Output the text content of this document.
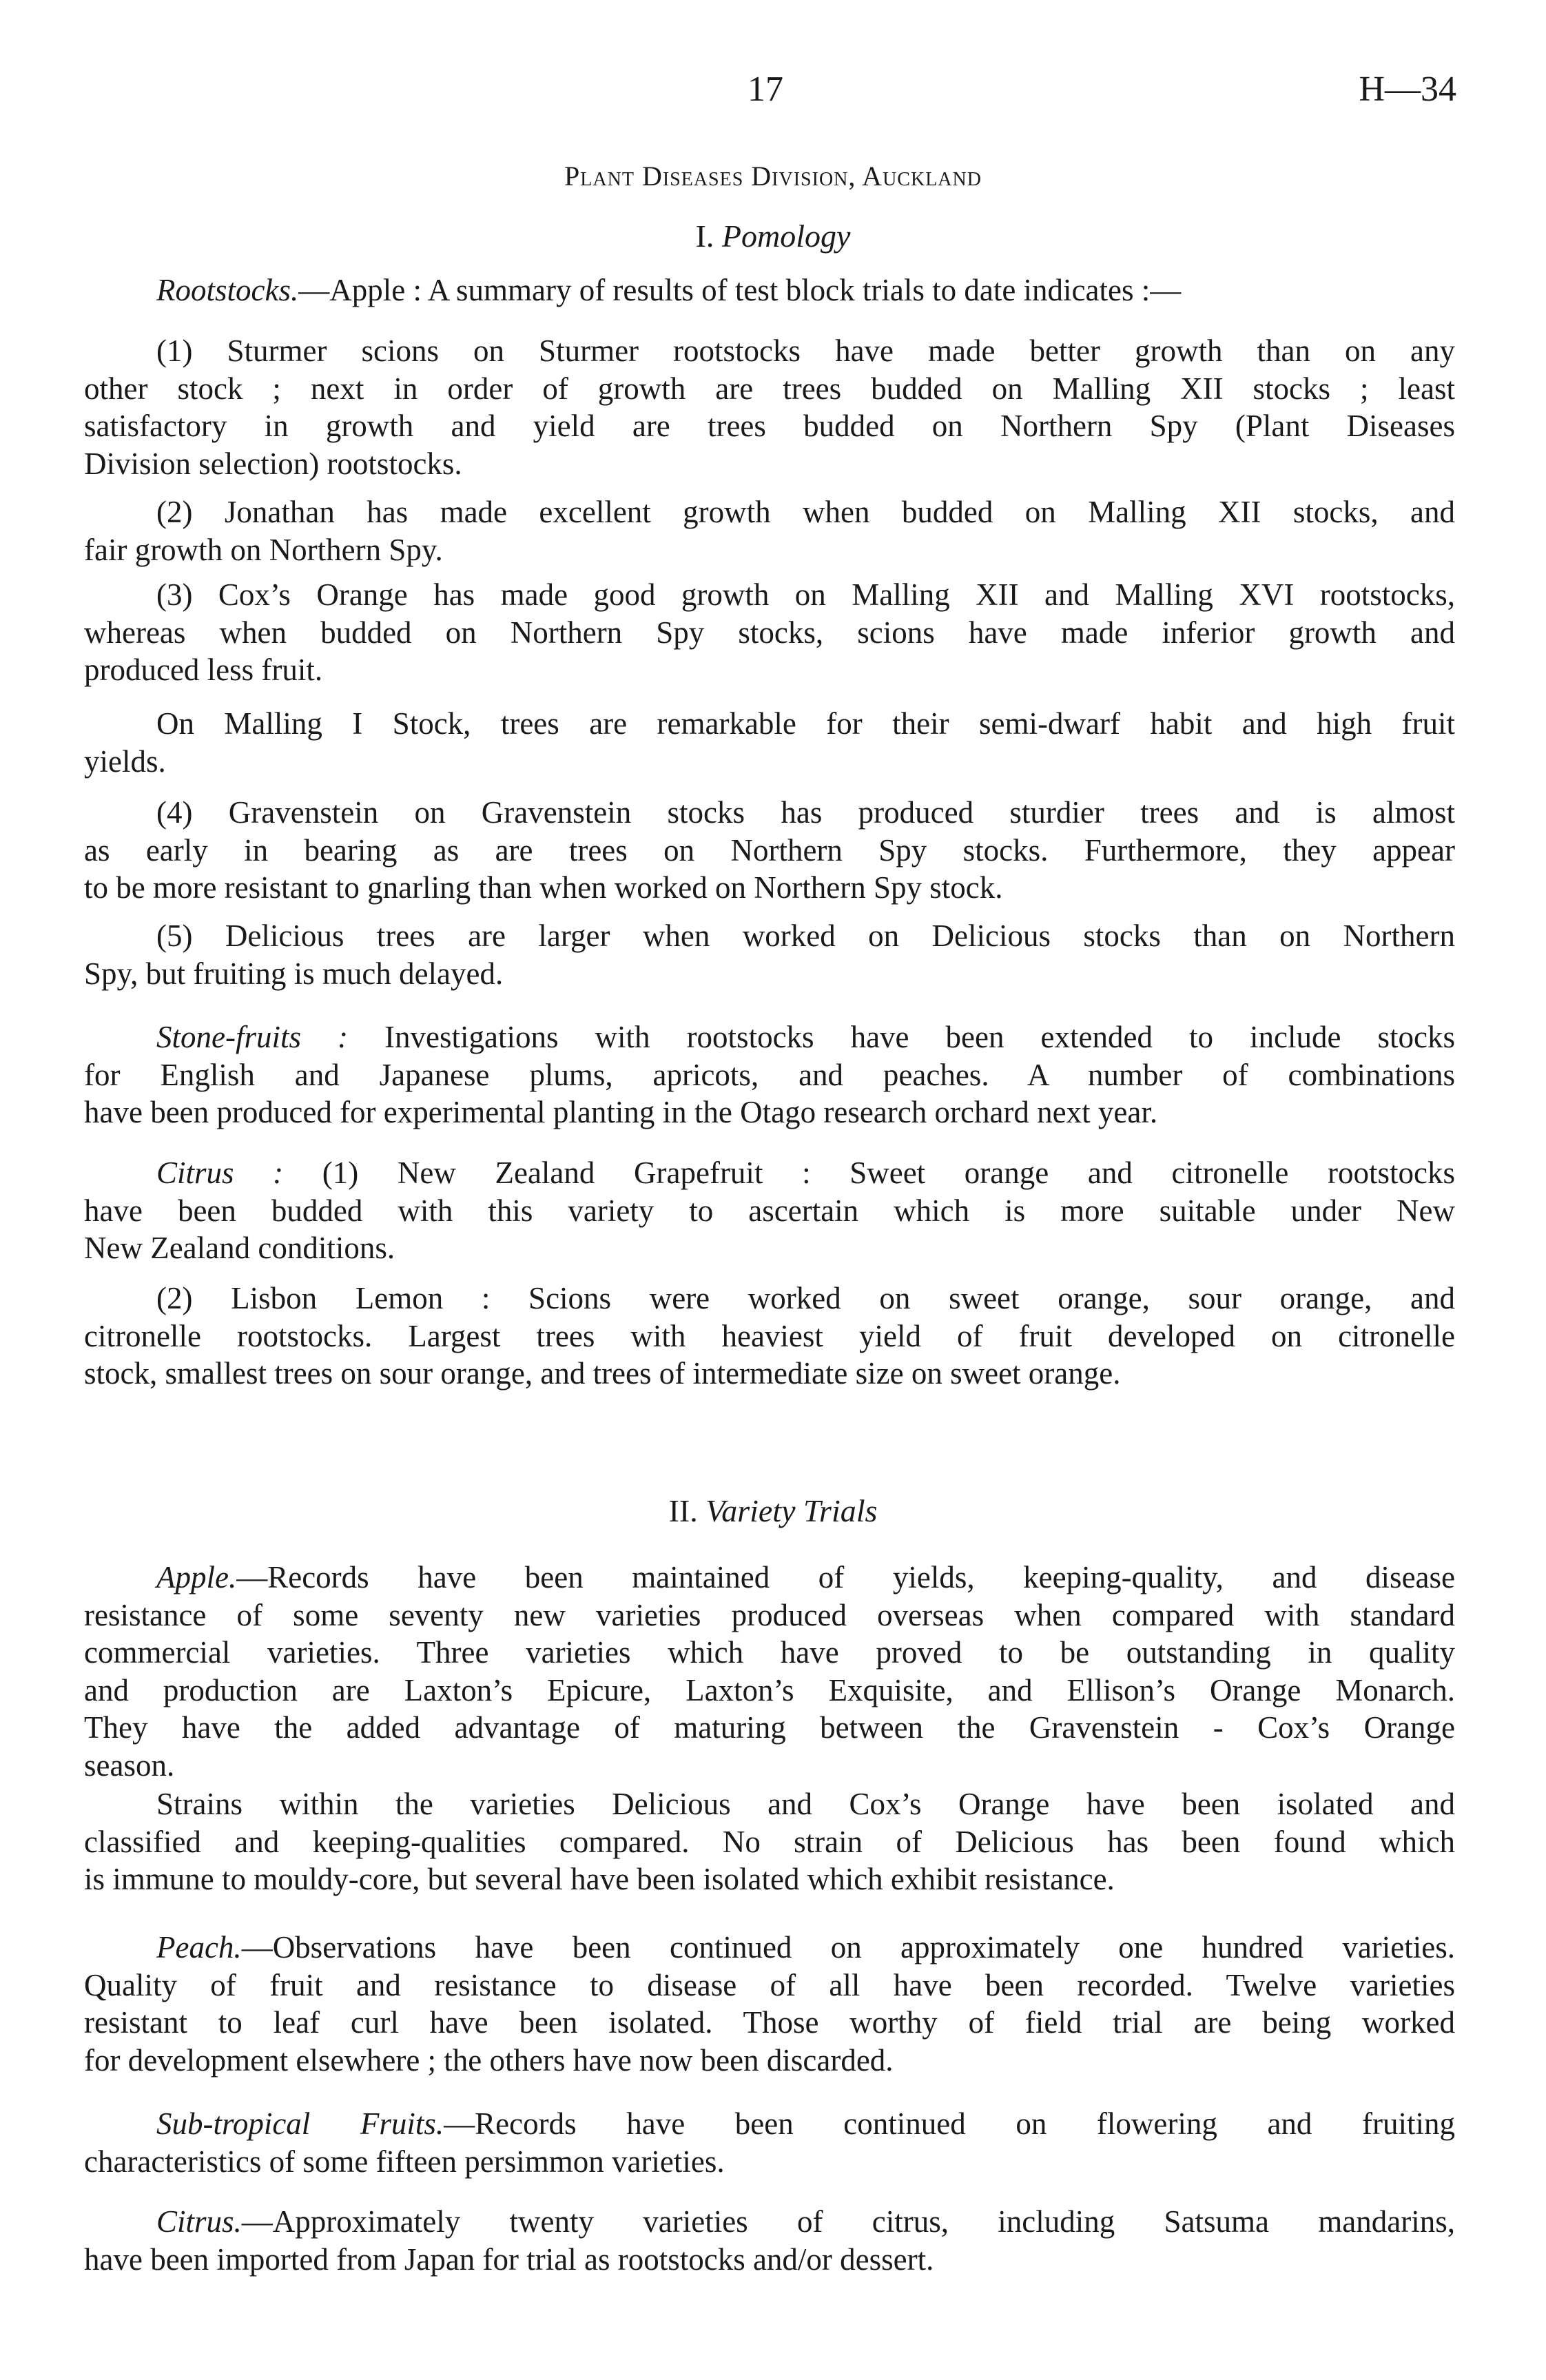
17	H—34
Plant Diseases Division, Auckland
I. Pomology
II. Variety Trials
Rootstocks.—Apple : A summary of results of test block trials to date indicates :—
(1) Sturmer scions on Sturmer rootstocks have made better growth than on any
other stock ; next in order of growth are trees budded on Malling XII stocks ; least
satisfactory in growth and yield are trees budded on Northern Spy (Plant Diseases
Division selection) rootstocks.
(2) Jonathan has made excellent growth when budded on Malling XII stocks, and
fair growth on Northern Spy.
(3) Cox’s Orange has made good growth on Malling XII and Malling XVI rootstocks,
whereas when budded on Northern Spy stocks, scions have made inferior growth and
produced less fruit.
On Malling I Stock, trees are remarkable for their semi-dwarf habit and high fruit
yields.
(4) Gravenstein on Gravenstein stocks has produced sturdier trees and is almost
as early in bearing as are trees on Northern Spy stocks. Furthermore, they appear
to be more resistant to gnarling than when worked on Northern Spy stock.
(5) Delicious trees are larger when worked on Delicious stocks than on Northern
Spy, but fruiting is much delayed.
Stone-fruits : Investigations with rootstocks have been extended to include stocks
for English and Japanese plums, apricots, and peaches. A number of combinations
have been produced for experimental planting in the Otago research orchard next year.
Citrus : (1) New Zealand Grapefruit : Sweet orange and citronelle rootstocks
have been budded with this variety to ascertain which is more suitable under New
New Zealand conditions.
(2) Lisbon Lemon : Scions were worked on sweet orange, sour orange, and
citronelle rootstocks. Largest trees with heaviest yield of fruit developed on citronelle
stock, smallest trees on sour orange, and trees of intermediate size on sweet orange.
Apple.—Records have been maintained of yields, keeping-quality, and disease
resistance of some seventy new varieties produced overseas when compared with standard
commercial varieties. Three varieties which have proved to be outstanding in quality
and production are Laxton’s Epicure, Laxton’s Exquisite, and Ellison’s Orange Monarch.
They have the added advantage of maturing between the Gravenstein - Cox’s Orange
season.
Strains within the varieties Delicious and Cox’s Orange have been isolated and
classified and keeping-qualities compared. No strain of Delicious has been found which
is immune to mouldy-core, but several have been isolated which exhibit resistance.
Peach.—Observations have been continued on approximately one hundred varieties.
Quality of fruit and resistance to disease of all have been recorded. Twelve varieties
resistant to leaf curl have been isolated. Those worthy of field trial are being worked
for development elsewhere ; the others have now been discarded.
Sub-tropical Fruits.—Records have been continued on flowering and fruiting
characteristics of some fifteen persimmon varieties.
Citrus.—Approximately twenty varieties of citrus, including Satsuma mandarins,
have been imported from Japan for trial as rootstocks and/or dessert.
